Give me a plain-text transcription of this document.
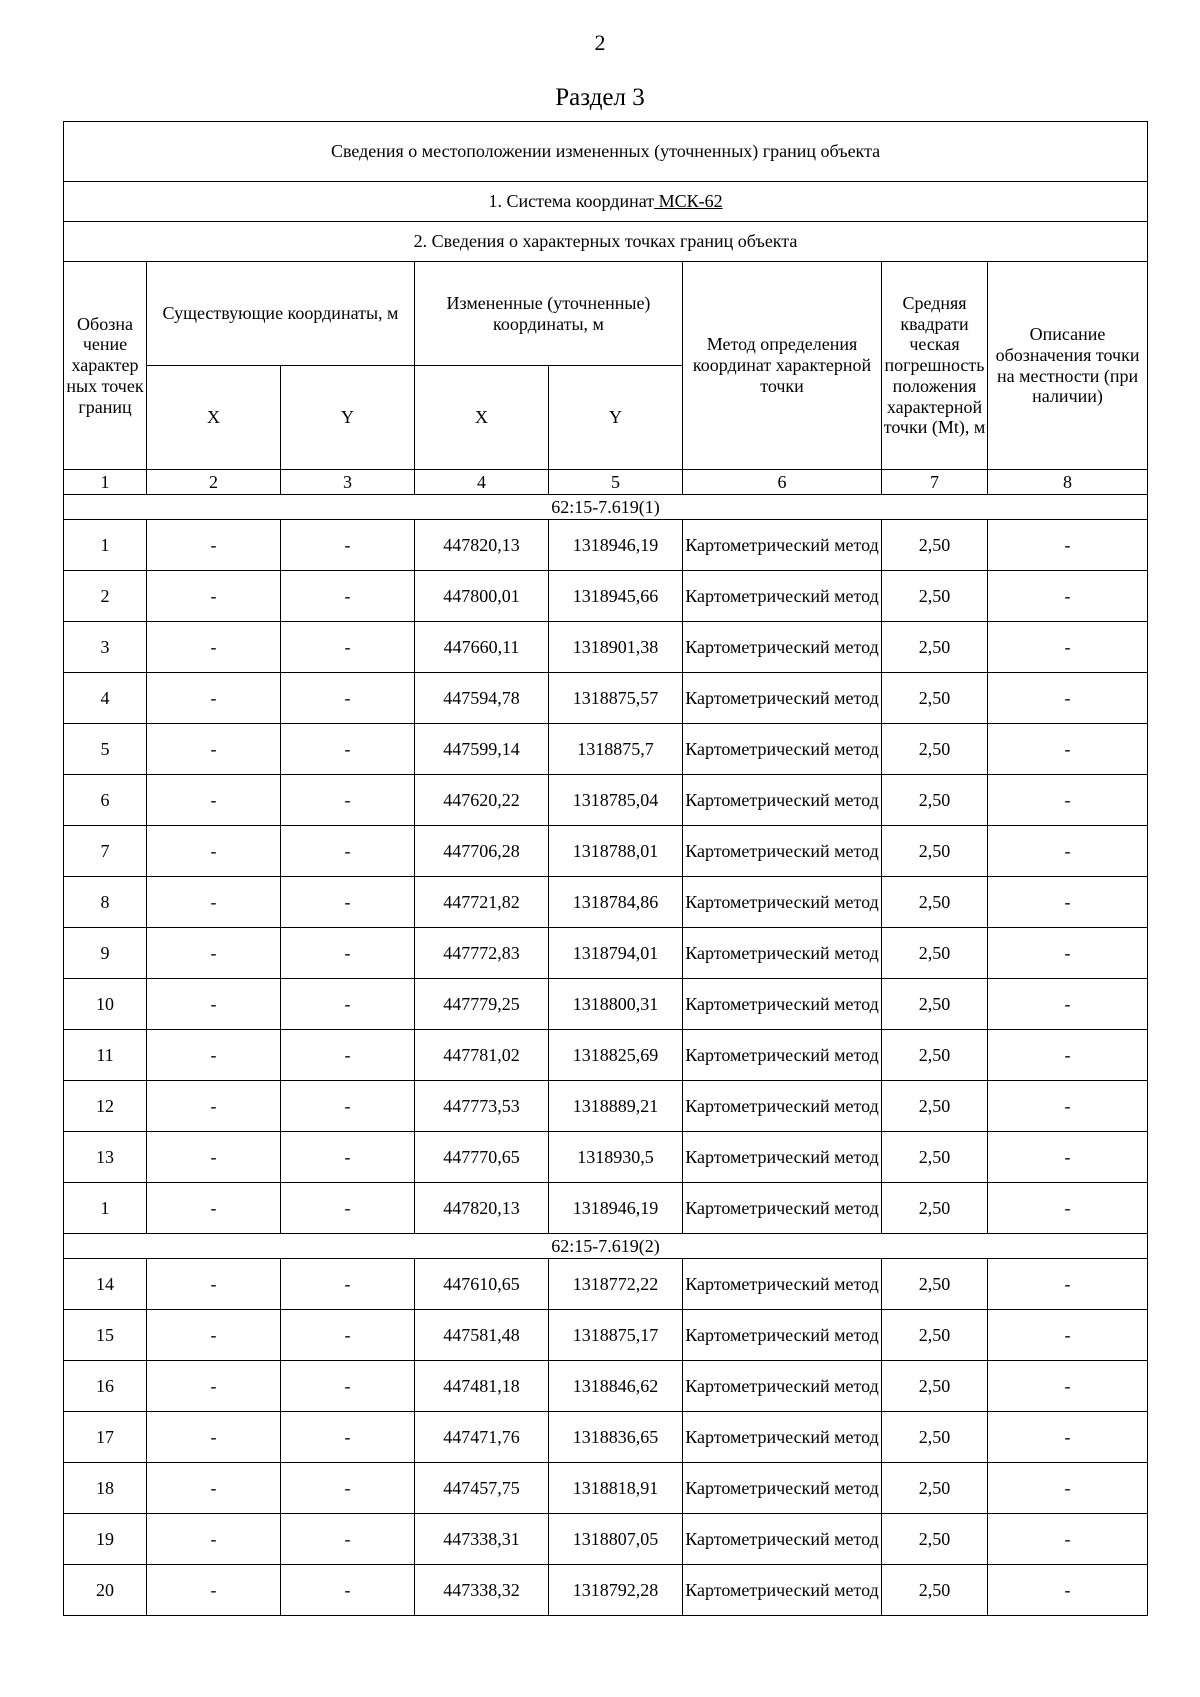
2
Раздел 3
Сведения о местоположении измененных (уточненных) границ объекта							
1. Система координат МСК-62							
2. Сведения о характерных точках границ объекта							
Обозна чение характер ных точек границ	Существующие координаты, м		Измененные (уточненные) координаты, м		Метод определения координат характерной точки	Средняя квадрати ческая погрешность положения характерной точки (Mt), м	Описание обозначения точки на местности (при наличии)
	X	Y	X	Y			
1	2	3	4	5	6	7	8
62:15-7.619(1)							
1	-	-	447820,13	1318946,19	Картометрический метод	2,50	-
2	-	-	447800,01	1318945,66	Картометрический метод	2,50	-
3	-	-	447660,11	1318901,38	Картометрический метод	2,50	-
4	-	-	447594,78	1318875,57	Картометрический метод	2,50	-
5	-	-	447599,14	1318875,7	Картометрический метод	2,50	-
6	-	-	447620,22	1318785,04	Картометрический метод	2,50	-
7	-	-	447706,28	1318788,01	Картометрический метод	2,50	-
8	-	-	447721,82	1318784,86	Картометрический метод	2,50	-
9	-	-	447772,83	1318794,01	Картометрический метод	2,50	-
10	-	-	447779,25	1318800,31	Картометрический метод	2,50	-
11	-	-	447781,02	1318825,69	Картометрический метод	2,50	-
12	-	-	447773,53	1318889,21	Картометрический метод	2,50	-
13	-	-	447770,65	1318930,5	Картометрический метод	2,50	-
1	-	-	447820,13	1318946,19	Картометрический метод	2,50	-
62:15-7.619(2)							
14	-	-	447610,65	1318772,22	Картометрический метод	2,50	-
15	-	-	447581,48	1318875,17	Картометрический метод	2,50	-
16	-	-	447481,18	1318846,62	Картометрический метод	2,50	-
17	-	-	447471,76	1318836,65	Картометрический метод	2,50	-
18	-	-	447457,75	1318818,91	Картометрический метод	2,50	-
19	-	-	447338,31	1318807,05	Картометрический метод	2,50	-
20	-	-	447338,32	1318792,28	Картометрический метод	2,50	-
